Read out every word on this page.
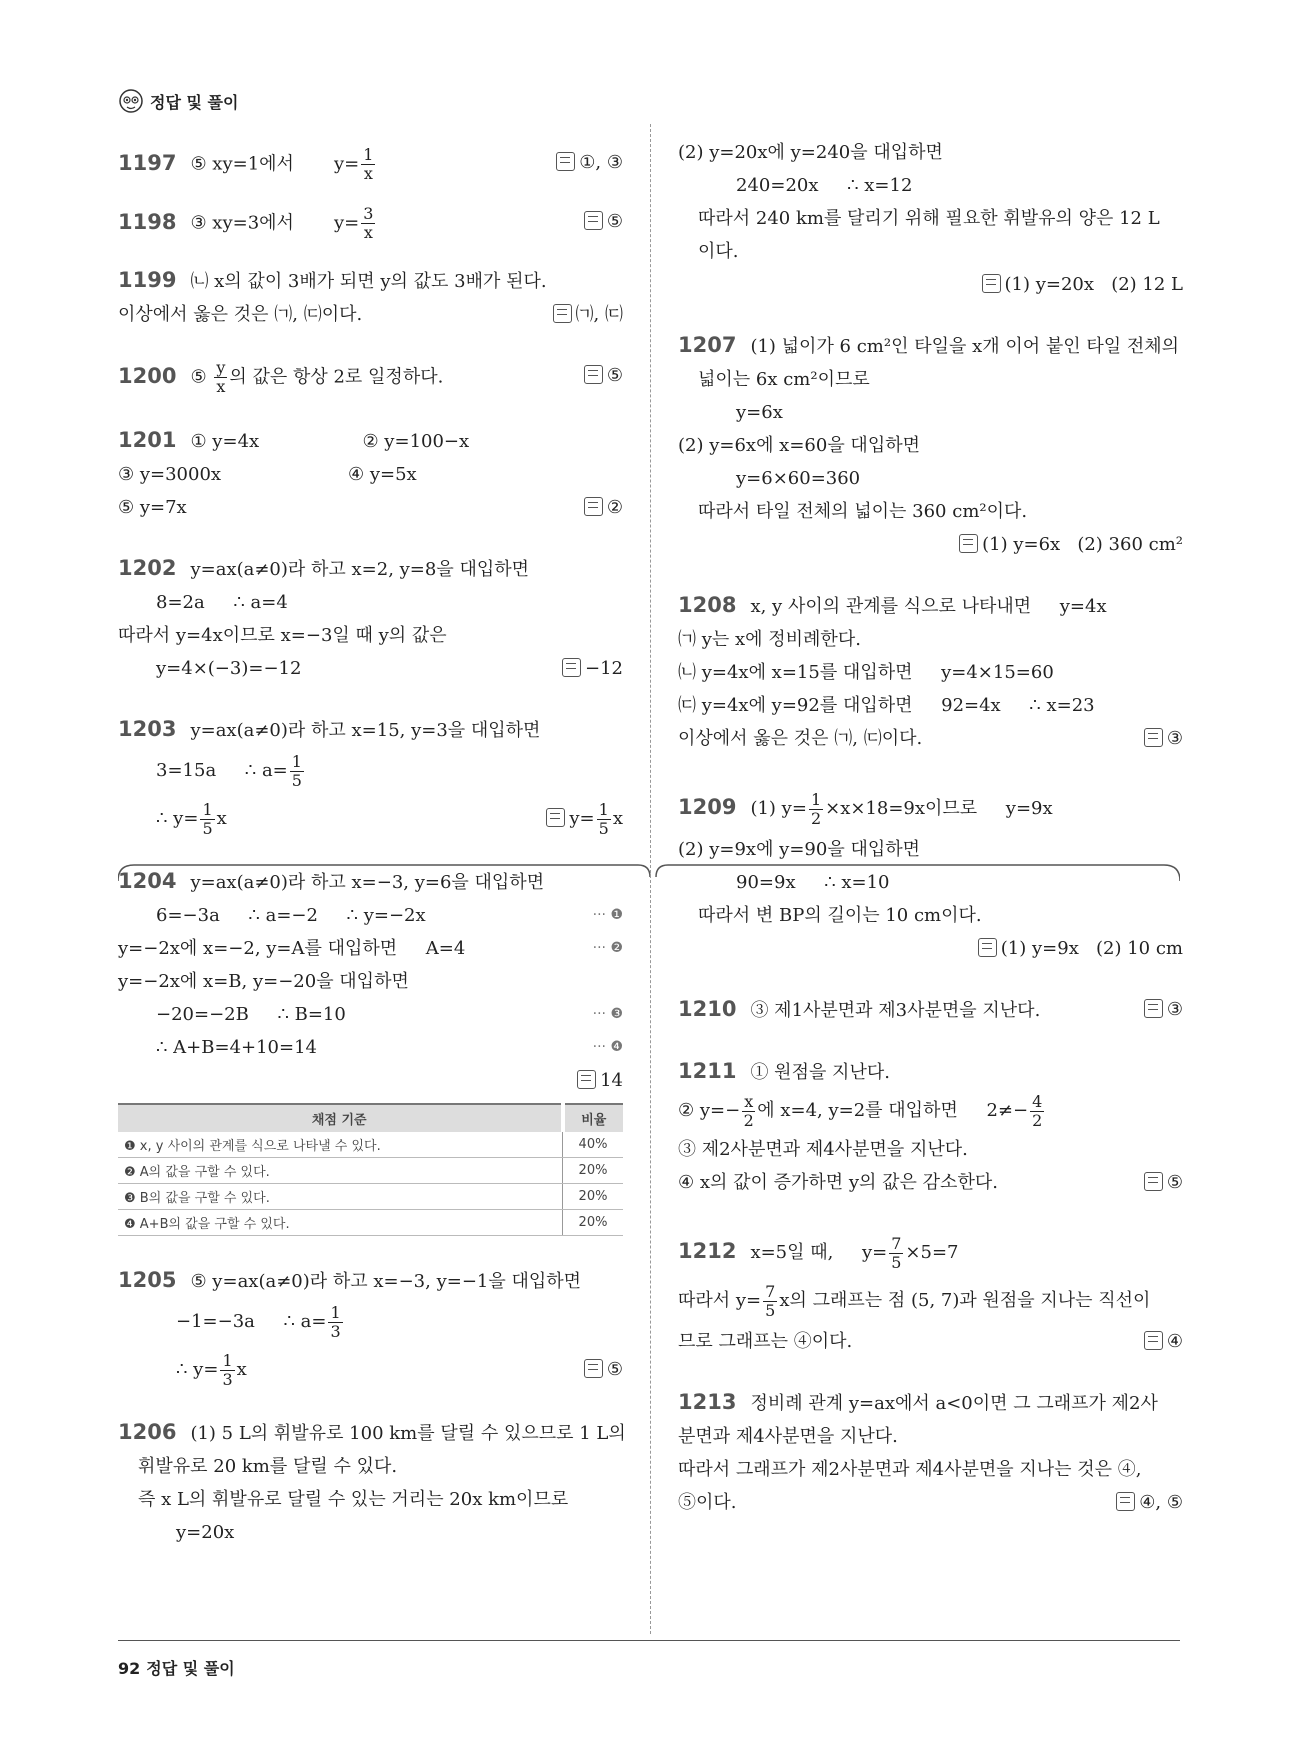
정답 및 풀이
1197 ⑤ xy=1에서 $y= \frac{1}{x}$	①, ③
1198 ③ xy=3에서 $y= \frac{3}{x}$	⑤
1199 ㈁ x의 값이 3배가 되면 y의 값도 3배가 된다.
이상에서 옳은 것은 ㈀, ㈂이다.	㈀, ㈂
1200 ⑤ $\frac{y}{x}$ 의 값은 항상 2로 일정하다.	⑤
1201 ① y=4x	② y=100−x
③ y=3000x	④ y=5x
⑤ y=7x	②
1202 y=ax(a≠0)라 하고 x=2, y=8을 대입하면
8=2a     ∴ a=4
따라서 y=4x이므로 x=−3일 때 y의 값은
y=4×(−3)=−12	−12
1203 y=ax(a≠0)라 하고 x=15, y=3을 대입하면
3=15a     ∴ $a= \frac{1}{5}$
∴ $y= \frac{1}{5}$ x	$y= \frac{1}{5}$ x
1204 y=ax(a≠0)라 하고 x=−3, y=6을 대입하면
6=−3a     ∴ a=−2     ∴ y=−2x	··· ❶
y=−2x에 x=−2, y=A를 대입하면     A=4	··· ❷
y=−2x에 x=B, y=−20을 대입하면
−20=−2B     ∴ B=10	··· ❸
∴ A+B=4+10=14	··· ❹
14
채점 기준	비율
❶ x, y 사이의 관계를 식으로 나타낼 수 있다.	40%
❷ A의 값을 구할 수 있다.	20%
❸ B의 값을 구할 수 있다.	20%
❹ A+B의 값을 구할 수 있다.	20%
1205 ⑤ y=ax(a≠0)라 하고 x=−3, y=−1을 대입하면
−1=−3a     ∴ $a= \frac{1}{3}$
∴ $y= \frac{1}{3}$ x	⑤
1206 (1) 5 L의 휘발유로 100 km를 달릴 수 있으므로 1 L의
휘발유로 20 km를 달릴 수 있다.
즉 x L의 휘발유로 달릴 수 있는 거리는 20x km이므로
y=20x
(2) y=20x에 y=240을 대입하면
240=20x     ∴ x=12
따라서 240 km를 달리기 위해 필요한 휘발유의 양은 12 L
이다.
(1) y=20x   (2) 12 L
1207 (1) 넓이가 6 cm²인 타일을 x개 이어 붙인 타일 전체의
넓이는 6x cm²이므로
y=6x
(2) y=6x에 x=60을 대입하면
y=6×60=360
따라서 타일 전체의 넓이는 360 cm²이다.
(1) y=6x   (2) 360 cm²
1208 x, y 사이의 관계를 식으로 나타내면     y=4x
㈀ y는 x에 정비례한다.
㈁ y=4x에 x=15를 대입하면     y=4×15=60
㈂ y=4x에 y=92를 대입하면     92=4x     ∴ x=23
이상에서 옳은 것은 ㈀, ㈂이다.	③
1209 (1) $y= \frac{1}{2} \times x\times 18=9x$이므로     y=9x
(2) y=9x에 y=90을 대입하면
90=9x     ∴ x=10
따라서 변 BP의 길이는 10 cm이다.
(1) y=9x   (2) 10 cm
1210 ③ 제1사분면과 제3사분면을 지난다.	③
1211 ① 원점을 지난다.
② $y=- \frac{x}{2}$ 에 x=4, y=2를 대입하면     $2\ne- \frac{4}{2}$
③ 제2사분면과 제4사분면을 지난다.
④ x의 값이 증가하면 y의 값은 감소한다.	⑤
1212 x=5일 때,     $y= \frac{7}{5} \times 5=7$
따라서 $y= \frac{7}{5}$ x의 그래프는 점 (5, 7)과 원점을 지나는 직선이
므로 그래프는 ④이다.	④
1213 정비례 관계 y=ax에서 a<0이면 그 그래프가 제2사
분면과 제4사분면을 지난다.
따라서 그래프가 제2사분면과 제4사분면을 지나는 것은 ④,
⑤이다.	④, ⑤
92 정답 및 풀이
